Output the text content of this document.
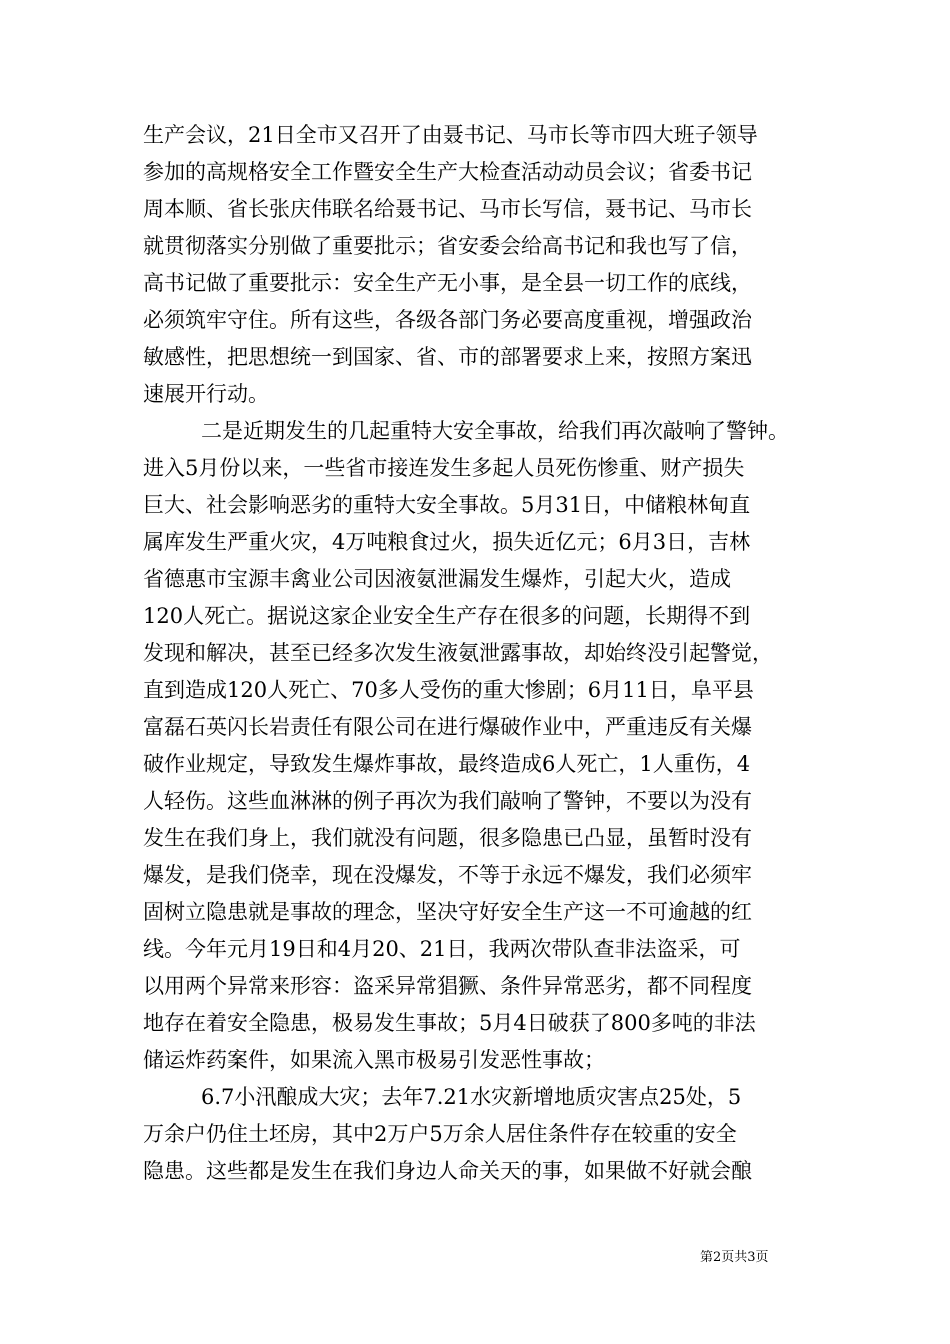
生产会议，21日全市又召开了由聂书记、马市长等市四大班子领导
参加的高规格安全工作暨安全生产大检查活动动员会议；省委书记
周本顺、省长张庆伟联名给聂书记、马市长写信，聂书记、马市长
就贯彻落实分别做了重要批示；省安委会给高书记和我也写了信，
高书记做了重要批示：安全生产无小事，是全县一切工作的底线，
必须筑牢守住。所有这些，各级各部门务必要高度重视，增强政治
敏感性，把思想统一到国家、省、市的部署要求上来，按照方案迅
速展开行动。
二是近期发生的几起重特大安全事故，给我们再次敲响了警钟。
进入5月份以来，一些省市接连发生多起人员死伤惨重、财产损失
巨大、社会影响恶劣的重特大安全事故。5月31日，中储粮林甸直
属库发生严重火灾，4万吨粮食过火，损失近亿元；6月3日，吉林
省德惠市宝源丰禽业公司因液氨泄漏发生爆炸，引起大火，造成
120人死亡。据说这家企业安全生产存在很多的问题，长期得不到
发现和解决，甚至已经多次发生液氨泄露事故，却始终没引起警觉，
直到造成120人死亡、70多人受伤的重大惨剧；6月11日，阜平县
富磊石英闪长岩责任有限公司在进行爆破作业中，严重违反有关爆
破作业规定，导致发生爆炸事故，最终造成6人死亡，1人重伤，4
人轻伤。这些血淋淋的例子再次为我们敲响了警钟，不要以为没有
发生在我们身上，我们就没有问题，很多隐患已凸显，虽暂时没有
爆发，是我们侥幸，现在没爆发，不等于永远不爆发，我们必须牢
固树立隐患就是事故的理念，坚决守好安全生产这一不可逾越的红
线。今年元月19日和4月20、21日，我两次带队查非法盗采，可
以用两个异常来形容：盗采异常猖獗、条件异常恶劣，都不同程度
地存在着安全隐患，极易发生事故；5月4日破获了800多吨的非法
储运炸药案件，如果流入黑市极易引发恶性事故；
6.7小汛酿成大灾；去年7.21水灾新增地质灾害点25处，5
万余户仍住土坯房，其中2万户5万余人居住条件存在较重的安全
隐患。这些都是发生在我们身边人命关天的事，如果做不好就会酿
第2页共3页
